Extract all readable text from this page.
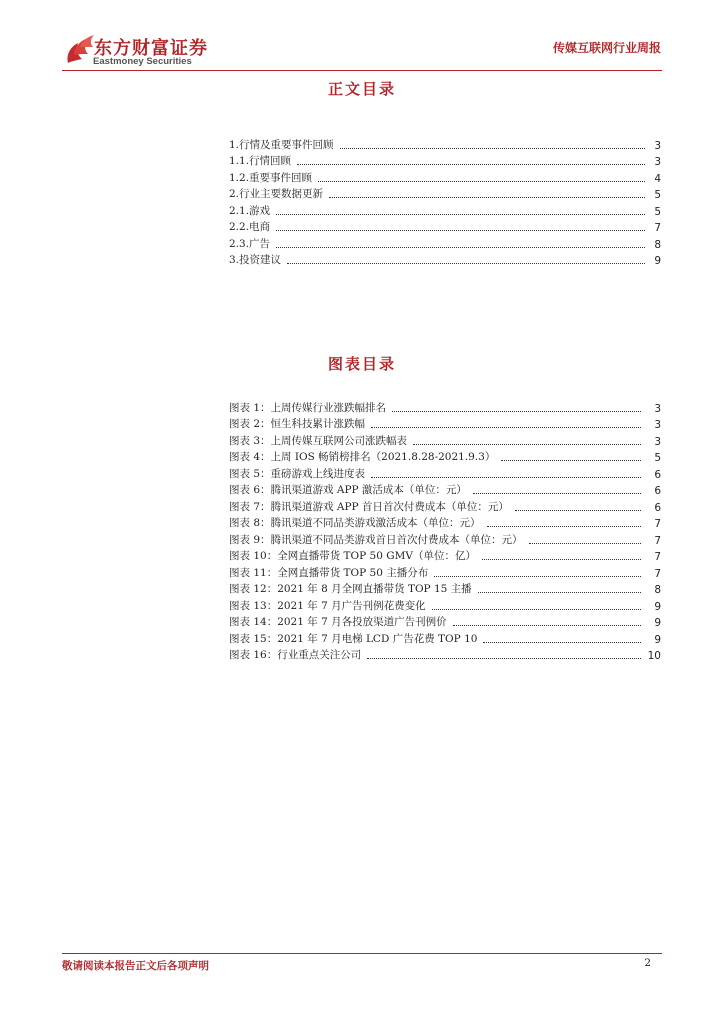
东方财富证券
Eastmoney Securities
传媒互联网行业周报
正文目录
1.行情及重要事件回顾	3
1.1.行情回顾	3
1.2.重要事件回顾	4
2.行业主要数据更新	5
2.1.游戏	5
2.2.电商	7
2.3.广告	8
3.投资建议	9
图表目录
图表 1：上周传媒行业涨跌幅排名	3
图表 2：恒生科技累计涨跌幅	3
图表 3：上周传媒互联网公司涨跌幅表	3
图表 4：上周 IOS 畅销榜排名（2021.8.28-2021.9.3）	5
图表 5：重磅游戏上线进度表	6
图表 6：腾讯渠道游戏 APP 激活成本（单位：元）	6
图表 7：腾讯渠道游戏 APP 首日首次付费成本（单位：元）	6
图表 8：腾讯渠道不同品类游戏激活成本（单位：元）	7
图表 9：腾讯渠道不同品类游戏首日首次付费成本（单位：元）	7
图表 10：全网直播带货 TOP 50 GMV（单位：亿）	7
图表 11：全网直播带货 TOP 50 主播分布	7
图表 12：2021 年 8 月全网直播带货 TOP 15 主播	8
图表 13：2021 年 7 月广告刊例花费变化	9
图表 14：2021 年 7 月各投放渠道广告刊例价	9
图表 15：2021 年 7 月电梯 LCD 广告花费 TOP 10	9
图表 16：行业重点关注公司	10
敬请阅读本报告正文后各项声明	2
